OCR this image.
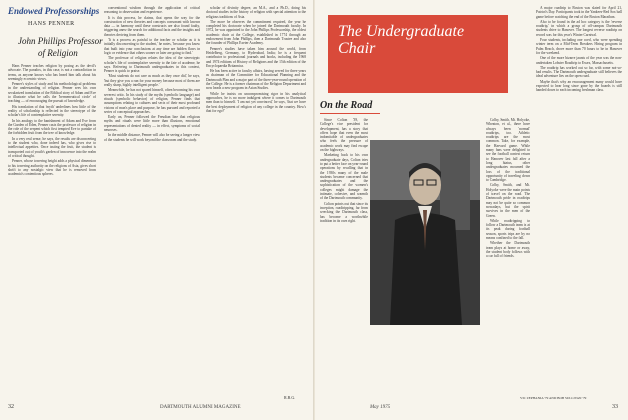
Endowed Professorships
HANS PENNER
John Phillips Professor
of Religion

Hans Penner teaches religion by posing as the devil's advocate. The paradox, in this case, is not a contradiction in terms, as anyone knows who has heard him talk about his seemingly eccentric views.

Penner's styles of study and his methodological problems in the understanding of religion. Penner sees his own secularized translation of the Biblical story of Adam and Eve to illustrate what he calls the 'hermeneutical circle' of teaching — of encouraging the pursuit of knowledge.

His translation of that 'myth' underlines how little of the reality of scholarship is reflected in the stereotype of the scholar's life of contemplative serenity.

In his analogy to the banishment of Adam and Eve from the Garden of Eden, Penner casts the professor of religion in the role of the serpent which first tempted Eve to partake of the forbidden fruit from the tree of knowledge.

In a very real sense, he says, the results are disconcerting to the student who, done indeed has, who gives rise to intellectual appetites. Once tasting the fruit, the student is transported out of youth's garden of innocence into the realm of critical thought.

Penner, whose towering height adds a physical dimension to his towering authority on the religions of Asia, gives short shrift to any nostalgic view that he is removed from academia's contentious spheres.

conventional wisdom through the application of critical reasoning to observation and experience.

It is this process, he claims, that opens the way for the construction of new theories and concepts consonant with known data — in harmony until these constructs are also found faulty, triggering anew the search for additional facts and the insights and theories deriving from them.

'It is a process as painful to the teacher or scholar as it is initially disconcerting to the student,' he notes, 'because you know that built into your conclusions at any time are hidden flaws in logic or evidence that others sooner or later are going to find.'

The professor of religion relates the idea of the stereotypic scholar's life of contemplative serenity to the fate of academe, he says. Referring to Dartmouth undergraduates in this context, Penner is quick to praise.

'Most students do not care as much as they once did,' he says, 'but they give you a run for your money because most of them are really sharp, highly intelligent people.'

Meanwhile, he has not spared himself, often becoming his own severest critic. In his study of the myths (symbolic language) and rituals (symbolic behavior) of religion, Penner finds that assumptions relating to cultures and sects of their most profound visions of man's place and purpose, he has pursued and reported a series of conceptual approaches.

Early on, Penner followed the Freudian line that religious myths and rituals were little more than illusions, emotional representations of denied reality — in effect, symptoms of social neuroses.

In the middle distance, Penner will also be seeing a longer view of the students he will work beyond the classroom and the study.

scholar of divinity degree, an M.A., and a Ph.D., doing his doctoral studies in the history of religion with special attention to the religious traditions of Asia.

The more he observes the commitment required, the year he completed his doctorate when he joined the Dartmouth faculty. In 1972, he was appointed to the John Phillips Professorship, the oldest academic chair at the College, established in 1774 through an endowment from John Phillips, then a Dartmouth Trustee and also the founder of Phillips Exeter Academy.

Penner's studies have taken him around the world, from Heidelberg, Germany, to Hyderabad, India; he is a frequent contributor to professional journals and books, including the 1968 and 1974 editions of History of Religions and the 15th edition of the Encyclopaedia Britannica.

He has been active in faculty affairs, having served for three years as chairman of the Committee for Educational Planning and the Dartmouth Plan and a major part of the three-year-round operation of the College. He is a former chairman of the Religion Department and now heads a new program in Asian Studies.

While he insists on uncompromising rigor in his analytical approaches, he is no more indulgent where it comes to Dartmouth men than to himself. 'I am not yet convinced,' he says, 'that we have the best deployment of religion of any college in the country. How's that for ego?'

R.B.G.
32	DARTMOUTH ALUMNI MAGAZINE
The Undergraduate Chair
On the Road

Since Colton '39, the College's vice president for development, has a story that offers hope that even the most indomitable of undergraduates who feels the pressure of academic work may find escape on the highways.

Marketing back to his own undergraduate days, Colton tries to put a better face on year-round operations by recalling that in the 1930s many of the male students became concerned that undergraduates and the sophistication of the women's colleges might damage the intimate, cohesive, and warmth of the Dartmouth community.

Colton points out that since its inception, roadtripping, far from wrecking the Dartmouth class, has become a worthwhile tradition in its own right.

Colby, Smith, Mt. Holyoke, Wheaton, et al., there have always been 'normal' roadtrips, too. Athletic roadtrips are the most common. Take, for example, the Harvard game. While many fans were delighted to see the football contest return to Hanover last fall after a long hiatus, other undergraduates mourned the loss of the traditional opportunity of traveling down to Cambridge.

Colby, Smith, and Mt. Holyoke were the main points of travel on the road. The Dartmouth pride in roadtrips may not be quite so common nowadays, but the spirit survives in the men of the Green.

While roadtripping to follow a Dartmouth team is at its peak during football season, sports trips are by no means confined to the fall.

Whether the Dartmouth team plays at home or away, the student body follows with a car full of friends.

A major roadtrip to Boston was slated for April 21, Patriot's Day. Participants took in the Yankees-Red Sox ball game before watching the end of the Boston Marathon.

Also to be found in the ad hoc category is the 'reverse roadtrip,' in which a group of off-campus Dartmouth students drive to Hanover. The longest reverse roadtrip on record was for this year's Winter Carnival.

Four students, including one coed, who were spending winter term on a Mid-Term Breakers Hiring program in Palm Beach, drove more than 70 hours to be in Hanover for the weekend.

One of the more bizarre jaunts of the year was the non-undertaken Lobster Roadtrip to Essex, Massachusetts.

The roadtrip has worked out so far, with some not-so-bad results. The Dartmouth undergraduate still believes the ideal adventure lies on the open road.

Maybe that's why an encouragement many would have expected to hear long since gone by the boards is still handed down to each incoming freshman class.

VIC ZEPHANIA '79 AND BOB SULLIVAN '79
May 1975	33
